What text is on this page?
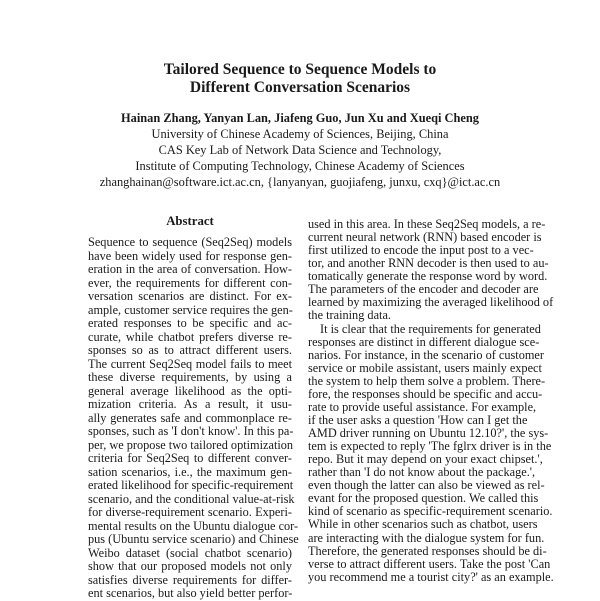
Tailored Sequence to Sequence Models to
Different Conversation Scenarios
Hainan Zhang, Yanyan Lan, Jiafeng Guo, Jun Xu and Xueqi Cheng
University of Chinese Academy of Sciences, Beijing, China
CAS Key Lab of Network Data Science and Technology,
Institute of Computing Technology, Chinese Academy of Sciences
zhanghainan@software.ict.ac.cn, {lanyanyan, guojiafeng, junxu, cxq}@ict.ac.cn
Abstract
Sequence to sequence (Seq2Seq) models
have been widely used for response gen-
eration in the area of conversation. How-
ever, the requirements for different con-
versation scenarios are distinct. For ex-
ample, customer service requires the gen-
erated responses to be specific and ac-
curate, while chatbot prefers diverse re-
sponses so as to attract different users.
The current Seq2Seq model fails to meet
these diverse requirements, by using a
general average likelihood as the opti-
mization criteria. As a result, it usu-
ally generates safe and commonplace re-
sponses, such as 'I don't know'. In this pa-
per, we propose two tailored optimization
criteria for Seq2Seq to different conver-
sation scenarios, i.e., the maximum gen-
erated likelihood for specific-requirement
scenario, and the conditional value-at-risk
for diverse-requirement scenario. Experi-
mental results on the Ubuntu dialogue cor-
pus (Ubuntu service scenario) and Chinese
Weibo dataset (social chatbot scenario)
show that our proposed models not only
satisfies diverse requirements for differ-
ent scenarios, but also yield better perfor-
used in this area. In these Seq2Seq models, a re-
current neural network (RNN) based encoder is
first utilized to encode the input post to a vec-
tor, and another RNN decoder is then used to au-
tomatically generate the response word by word.
The parameters of the encoder and decoder are
learned by maximizing the averaged likelihood of
the training data.
It is clear that the requirements for generated
responses are distinct in different dialogue sce-
narios. For instance, in the scenario of customer
service or mobile assistant, users mainly expect
the system to help them solve a problem. There-
fore, the responses should be specific and accu-
rate to provide useful assistance. For example,
if the user asks a question 'How can I get the
AMD driver running on Ubuntu 12.10?', the sys-
tem is expected to reply 'The fglrx driver is in the
repo. But it may depend on your exact chipset.',
rather than 'I do not know about the package.',
even though the latter can also be viewed as rel-
evant for the proposed question. We called this
kind of scenario as specific-requirement scenario.
While in other scenarios such as chatbot, users
are interacting with the dialogue system for fun.
Therefore, the generated responses should be di-
verse to attract different users. Take the post 'Can
you recommend me a tourist city?' as an example.
